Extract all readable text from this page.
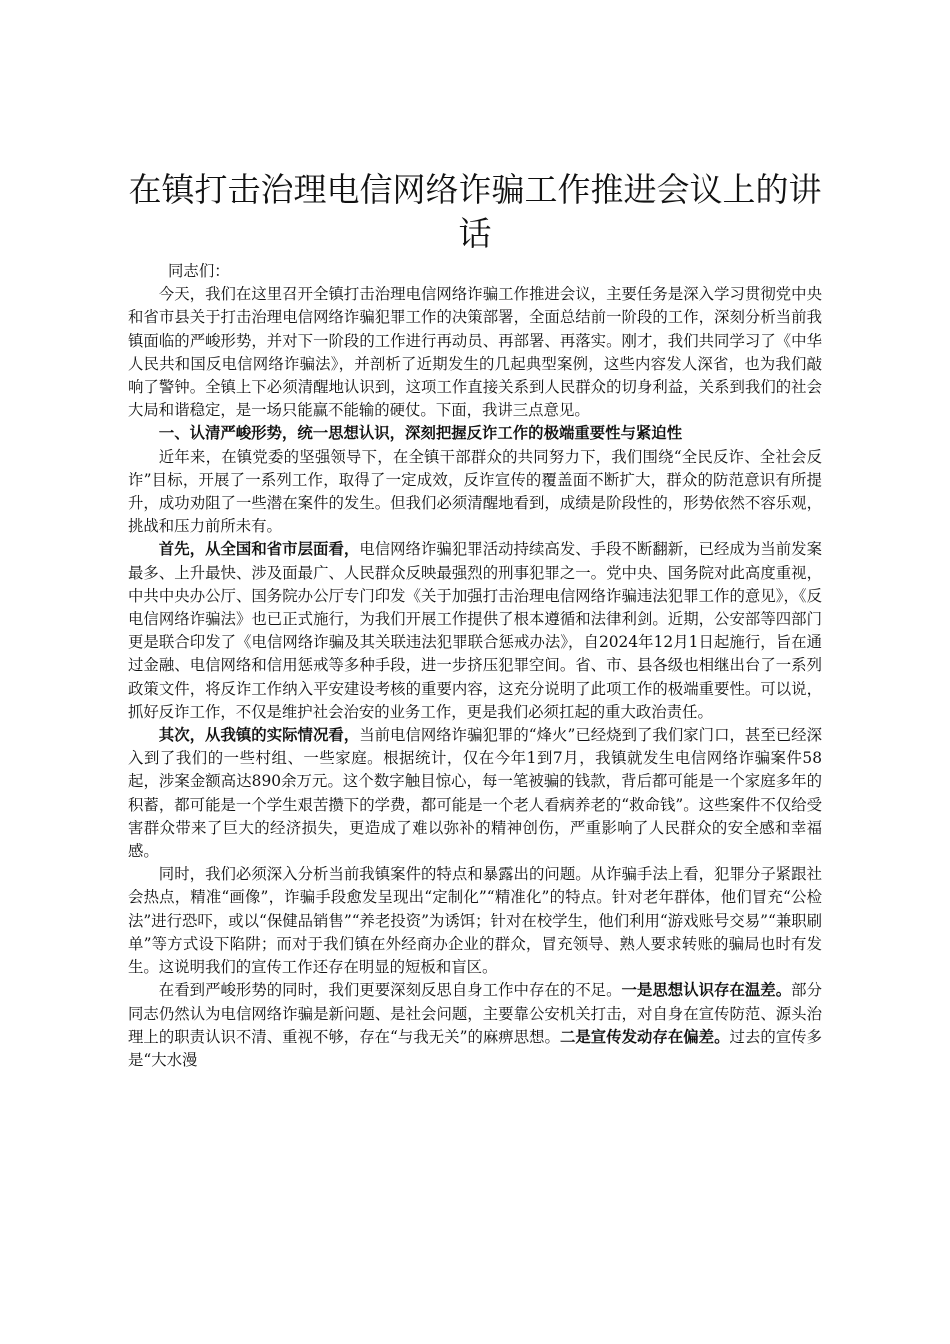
在镇打击治理电信网络诈骗工作推进会议上的讲话

同志们：

今天，我们在这里召开全镇打击治理电信网络诈骗工作推进会议，主要任务是深入学习贯彻党中央和省市县关于打击治理电信网络诈骗犯罪工作的决策部署，全面总结前一阶段的工作，深刻分析当前我镇面临的严峻形势，并对下一阶段的工作进行再动员、再部署、再落实。刚才，我们共同学习了《中华人民共和国反电信网络诈骗法》，并剖析了近期发生的几起典型案例，这些内容发人深省，也为我们敲响了警钟。全镇上下必须清醒地认识到，这项工作直接关系到人民群众的切身利益，关系到我们的社会大局和谐稳定，是一场只能赢不能输的硬仗。下面，我讲三点意见。

一、认清严峻形势，统一思想认识，深刻把握反诈工作的极端重要性与紧迫性

近年来，在镇党委的坚强领导下，在全镇干部群众的共同努力下，我们围绕“全民反诈、全社会反诈”目标，开展了一系列工作，取得了一定成效，反诈宣传的覆盖面不断扩大，群众的防范意识有所提升，成功劝阻了一些潜在案件的发生。但我们必须清醒地看到，成绩是阶段性的，形势依然不容乐观，挑战和压力前所未有。

首先，从全国和省市层面看，电信网络诈骗犯罪活动持续高发、手段不断翻新，已经成为当前发案最多、上升最快、涉及面最广、人民群众反映最强烈的刑事犯罪之一。党中央、国务院对此高度重视，中共中央办公厅、国务院办公厅专门印发《关于加强打击治理电信网络诈骗违法犯罪工作的意见》，《反电信网络诈骗法》也已正式施行，为我们开展工作提供了根本遵循和法律利剑。近期，公安部等四部门更是联合印发了《电信网络诈骗及其关联违法犯罪联合惩戒办法》，自2024年12月1日起施行，旨在通过金融、电信网络和信用惩戒等多种手段，进一步挤压犯罪空间。省、市、县各级也相继出台了一系列政策文件，将反诈工作纳入平安建设考核的重要内容，这充分说明了此项工作的极端重要性。可以说，抓好反诈工作，不仅是维护社会治安的业务工作，更是我们必须扛起的重大政治责任。

其次，从我镇的实际情况看，当前电信网络诈骗犯罪的“烽火”已经烧到了我们家门口，甚至已经深入到了我们的一些村组、一些家庭。根据统计，仅在今年1到7月，我镇就发生电信网络诈骗案件58起，涉案金额高达890余万元。这个数字触目惊心，每一笔被骗的钱款，背后都可能是一个家庭多年的积蓄，都可能是一个学生艰苦攒下的学费，都可能是一个老人看病养老的“救命钱”。这些案件不仅给受害群众带来了巨大的经济损失，更造成了难以弥补的精神创伤，严重影响了人民群众的安全感和幸福感。

同时，我们必须深入分析当前我镇案件的特点和暴露出的问题。从诈骗手法上看，犯罪分子紧跟社会热点，精准“画像”，诈骗手段愈发呈现出“定制化”“精准化”的特点。针对老年群体，他们冒充“公检法”进行恐吓，或以“保健品销售”“养老投资”为诱饵；针对在校学生，他们利用“游戏账号交易”“兼职刷单”等方式设下陷阱；而对于我们镇在外经商办企业的群众，冒充领导、熟人要求转账的骗局也时有发生。这说明我们的宣传工作还存在明显的短板和盲区。

在看到严峻形势的同时，我们更要深刻反思自身工作中存在的不足。一是思想认识存在温差。部分同志仍然认为电信网络诈骗是新问题、是社会问题，主要靠公安机关打击，对自身在宣传防范、源头治理上的职责认识不清、重视不够，存在“与我无关”的麻痹思想。二是宣传发动存在偏差。过去的宣传多是“大水漫
